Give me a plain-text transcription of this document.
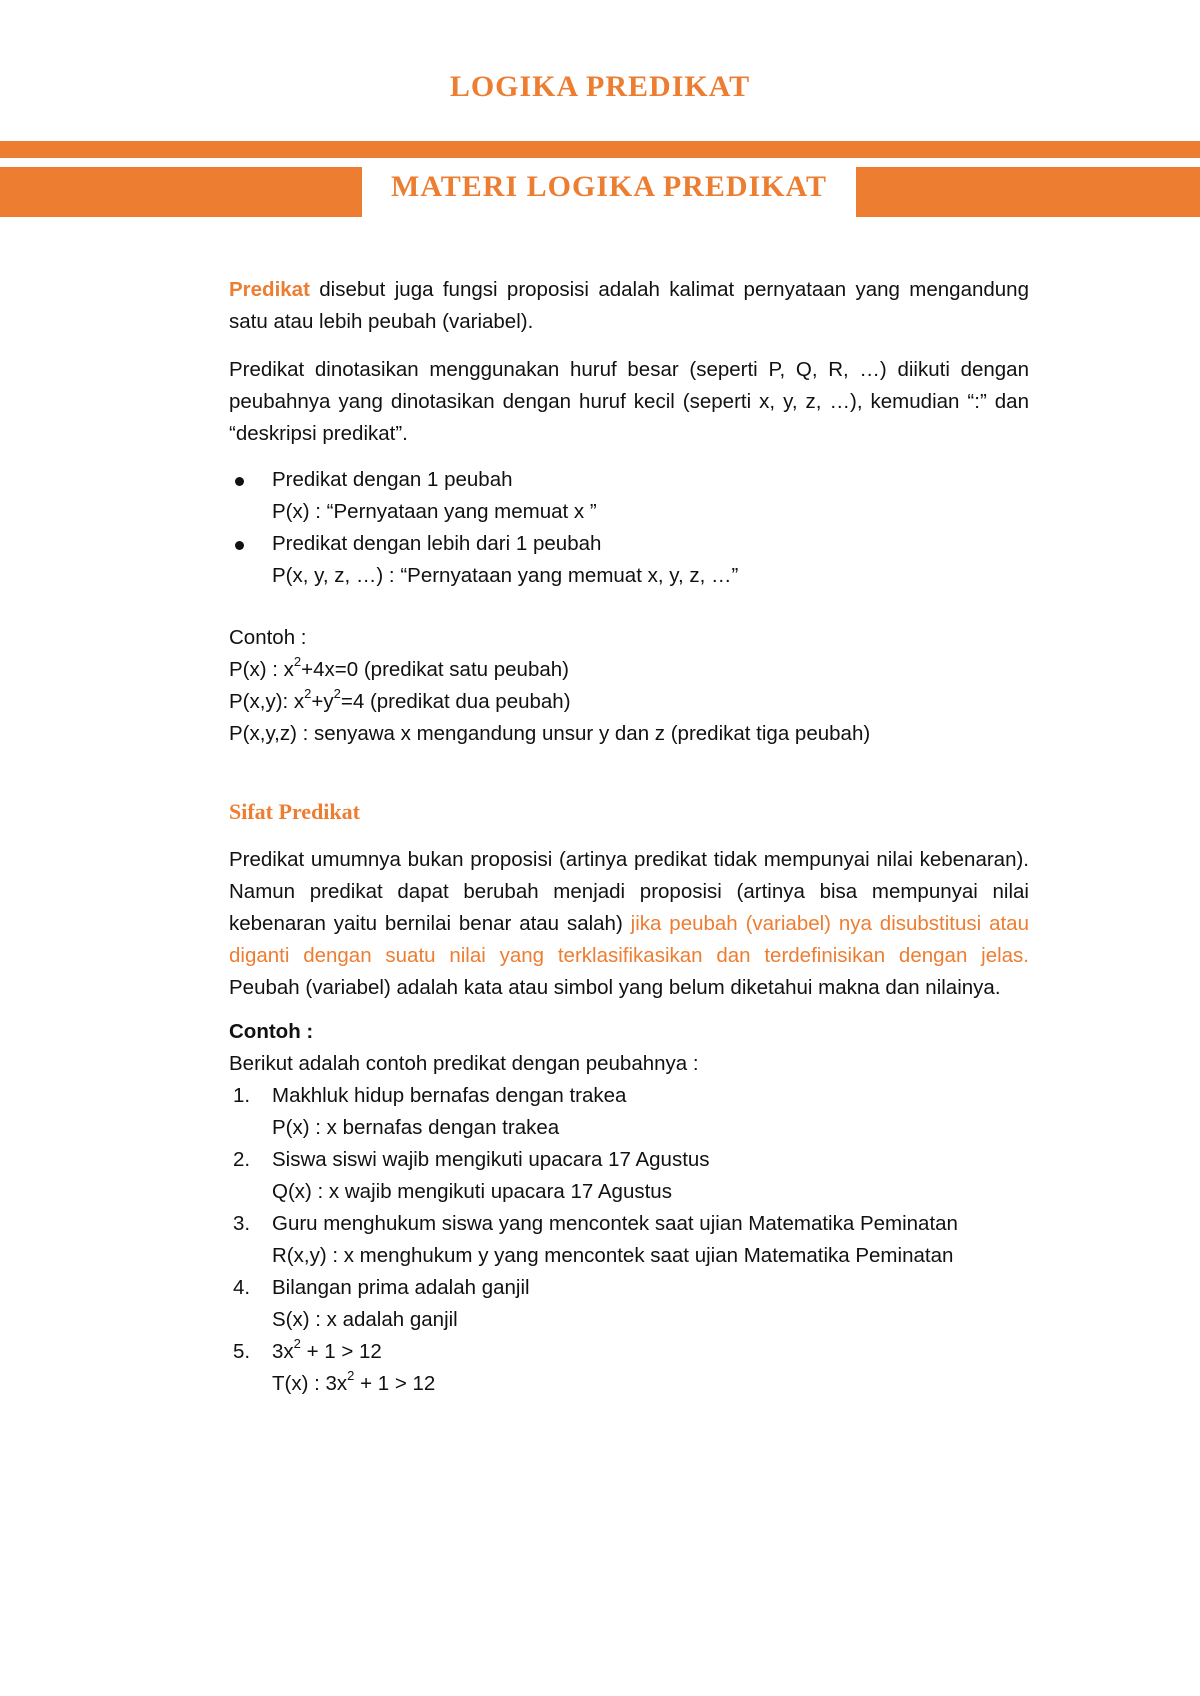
LOGIKA PREDIKAT
MATERI LOGIKA PREDIKAT

Predikat disebut juga fungsi proposisi adalah kalimat pernyataan yang mengandung satu atau lebih peubah (variabel).

Predikat dinotasikan menggunakan huruf besar (seperti P, Q, R, …) diikuti dengan peubahnya yang dinotasikan dengan huruf kecil (seperti x, y, z, …), kemudian “:” dan “deskripsi predikat”.

Predikat dengan 1 peubah
P(x) : “Pernyataan yang memuat x ”
Predikat dengan lebih dari 1 peubah
P(x, y, z, …) : “Pernyataan yang memuat x, y, z, …”
Contoh :
P(x) : $x^2+4x=0$ (predikat satu peubah)
P(x,y): $x^2+y^2=4$ (predikat dua peubah)
P(x,y,z) : senyawa x mengandung unsur y dan z (predikat tiga peubah)

Sifat Predikat

Predikat umumnya bukan proposisi (artinya predikat tidak mempunyai nilai kebenaran). Namun predikat dapat berubah menjadi proposisi (artinya bisa mempunyai nilai kebenaran yaitu bernilai benar atau salah) jika peubah (variabel) nya disubstitusi atau diganti dengan suatu nilai yang terklasifikasikan dan terdefinisikan dengan jelas. Peubah (variabel) adalah kata atau simbol yang belum diketahui makna dan nilainya.

Contoh :
Berikut adalah contoh predikat dengan peubahnya :
1. Makhluk hidup bernafas dengan trakea
P(x) : x bernafas dengan trakea
2. Siswa siswi wajib mengikuti upacara 17 Agustus
Q(x) : x wajib mengikuti upacara 17 Agustus
3. Guru menghukum siswa yang mencontek saat ujian Matematika Peminatan
R(x,y) : x menghukum y yang mencontek saat ujian Matematika Peminatan
4. Bilangan prima adalah ganjil
S(x) : x adalah ganjil
5. $3x^2 + 1 > 12$
T(x) : $3x^2 + 1 > 12$
